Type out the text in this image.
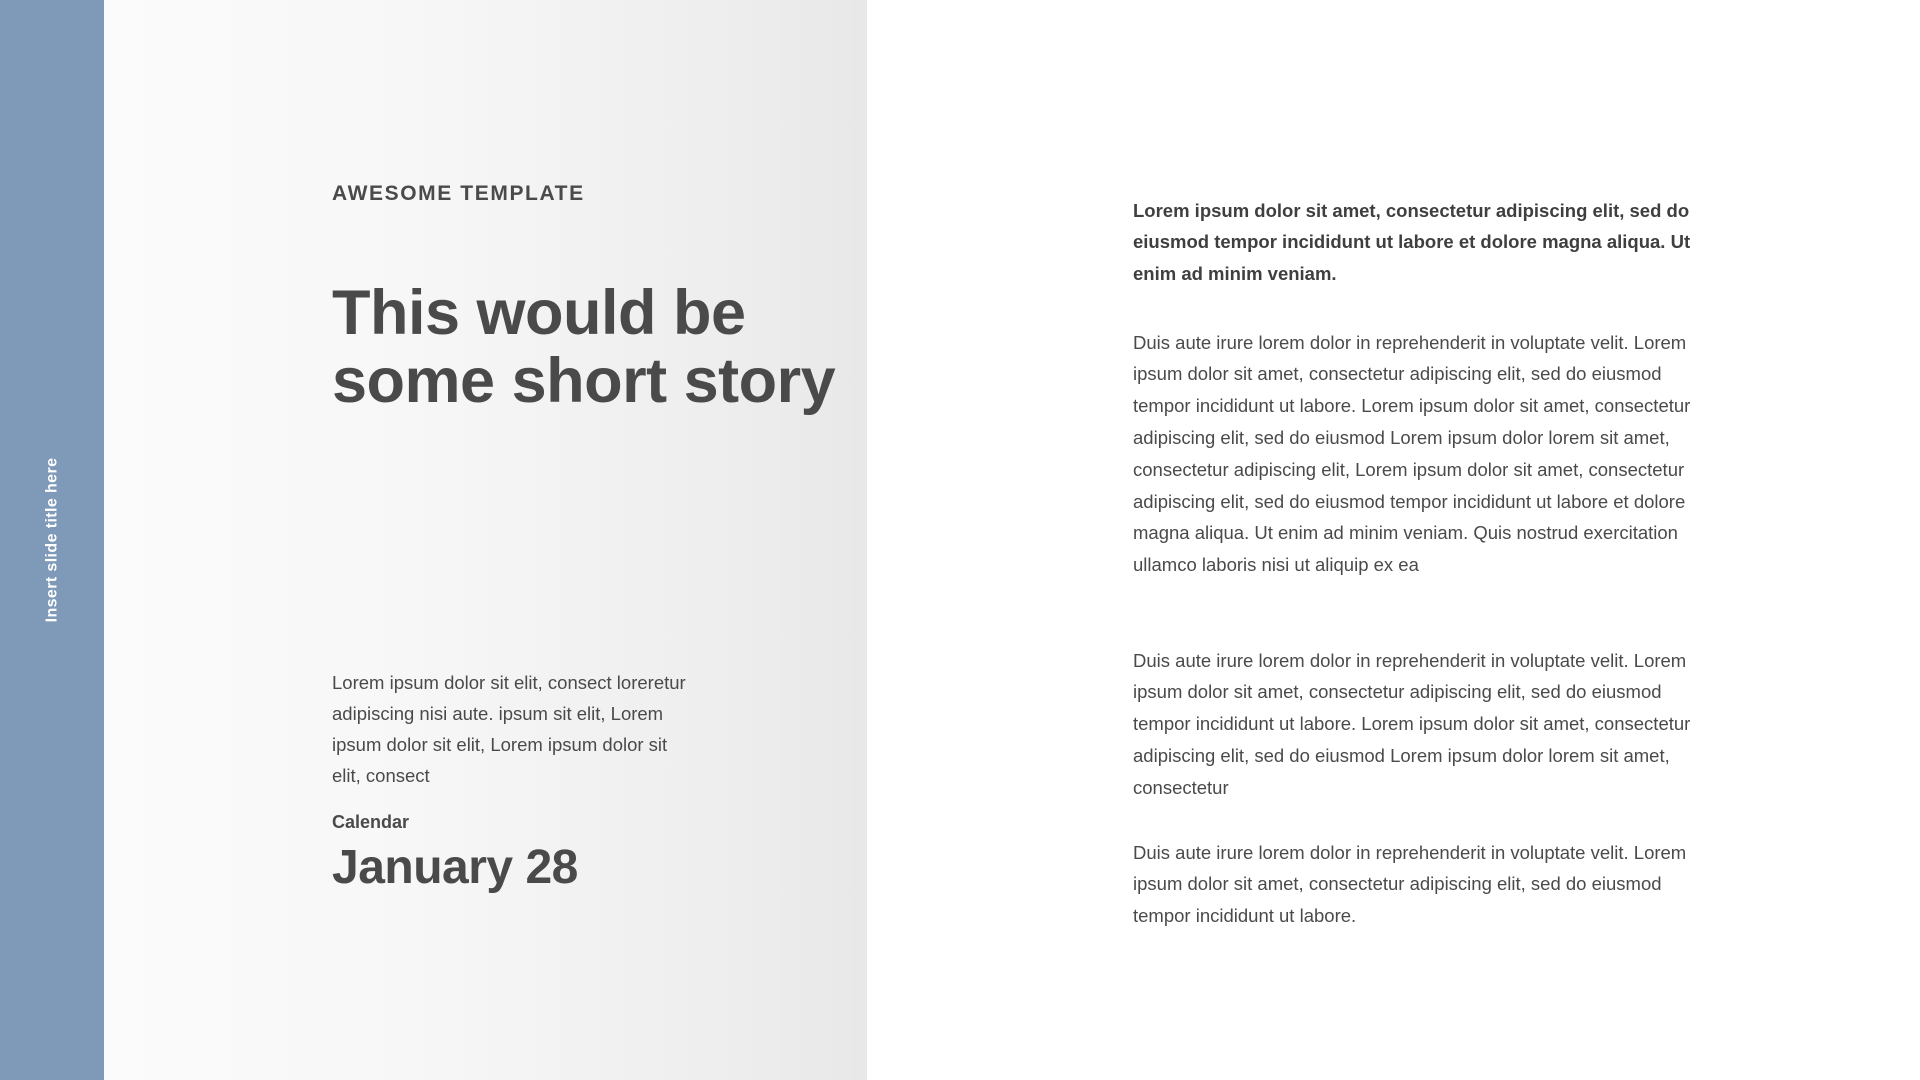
Insert slide title here
AWESOME TEMPLATE
This would be some short story

Lorem ipsum dolor sit elit, consect loreretur adipiscing nisi aute. ipsum sit elit, Lorem ipsum dolor sit elit, Lorem ipsum dolor sit elit, consect

Calendar
January 28

Lorem ipsum dolor sit amet, consectetur adipiscing elit, sed do eiusmod tempor incididunt ut labore et dolore magna aliqua. Ut enim ad minim veniam.

Duis aute irure lorem dolor in reprehenderit in voluptate velit. Lorem ipsum dolor sit amet, consectetur adipiscing elit, sed do eiusmod tempor incididunt ut labore. Lorem ipsum dolor sit amet, consectetur adipiscing elit, sed do eiusmod Lorem ipsum dolor lorem sit amet, consectetur adipiscing elit, Lorem ipsum dolor sit amet, consectetur adipiscing elit, sed do eiusmod tempor incididunt ut labore et dolore magna aliqua. Ut enim ad minim veniam. Quis nostrud exercitation ullamco laboris nisi ut aliquip ex ea

Duis aute irure lorem dolor in reprehenderit in voluptate velit. Lorem ipsum dolor sit amet, consectetur adipiscing elit, sed do eiusmod tempor incididunt ut labore. Lorem ipsum dolor sit amet, consectetur adipiscing elit, sed do eiusmod Lorem ipsum dolor lorem sit amet, consectetur

Duis aute irure lorem dolor in reprehenderit in voluptate velit. Lorem ipsum dolor sit amet, consectetur adipiscing elit, sed do eiusmod tempor incididunt ut labore.
